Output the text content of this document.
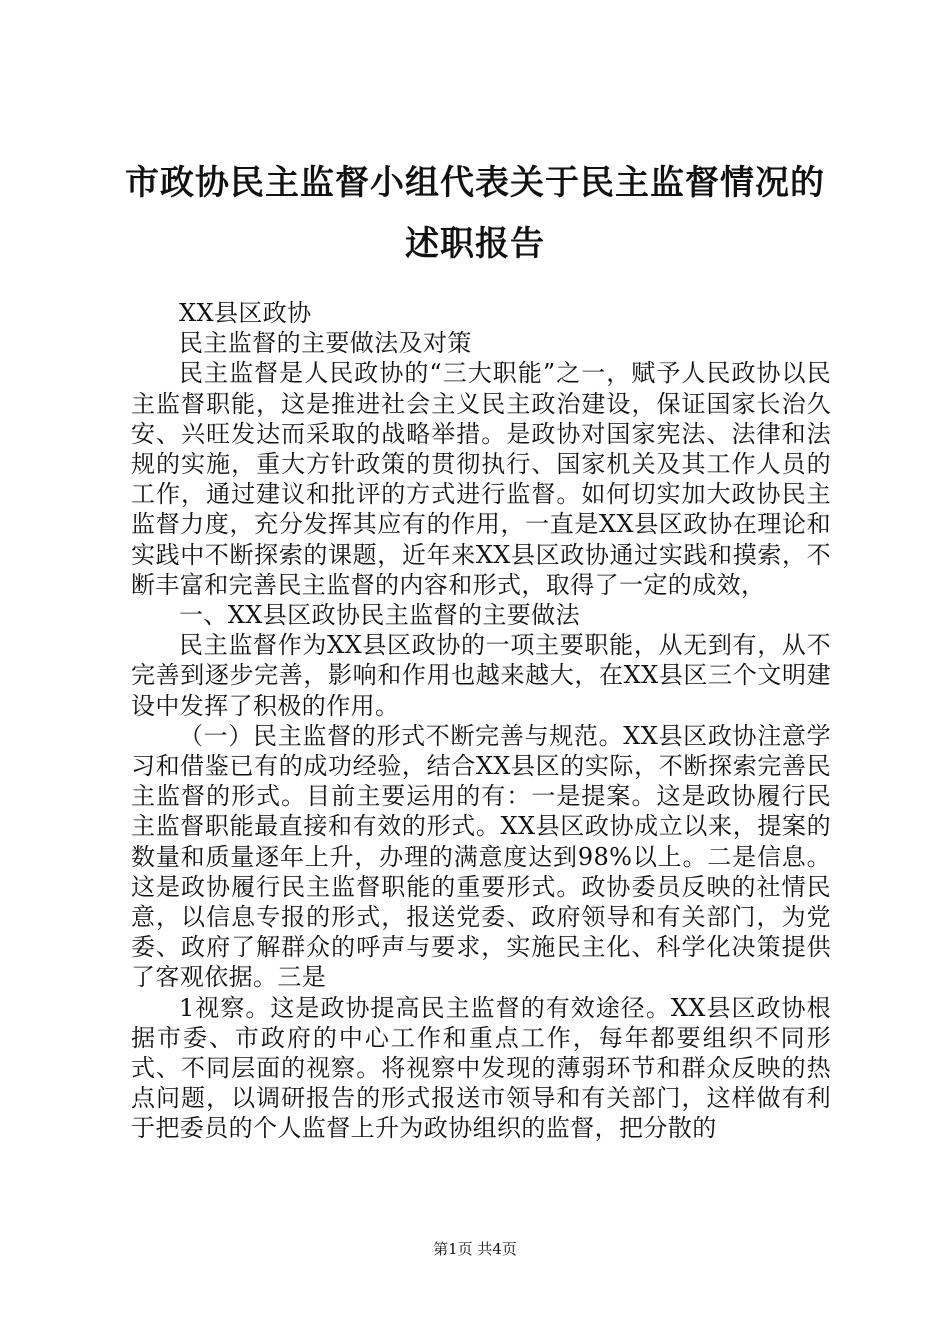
市政协民主监督小组代表关于民主监督情况的
述职报告

XX县区政协

民主监督的主要做法及对策

民主监督是人民政协的“三大职能”之一，赋予人民政协以民主监督职能，这是推进社会主义民主政治建设，保证国家长治久安、兴旺发达而采取的战略举措。是政协对国家宪法、法律和法规的实施，重大方针政策的贯彻执行、国家机关及其工作人员的工作，通过建议和批评的方式进行监督。如何切实加大政协民主监督力度，充分发挥其应有的作用，一直是XX县区政协在理论和实践中不断探索的课题，近年来XX县区政协通过实践和摸索，不断丰富和完善民主监督的内容和形式，取得了一定的成效，

一、XX县区政协民主监督的主要做法

民主监督作为XX县区政协的一项主要职能，从无到有，从不完善到逐步完善，影响和作用也越来越大，在XX县区三个文明建设中发挥了积极的作用。

（一）民主监督的形式不断完善与规范。XX县区政协注意学习和借鉴已有的成功经验，结合XX县区的实际，不断探索完善民主监督的形式。目前主要运用的有：一是提案。这是政协履行民主监督职能最直接和有效的形式。XX县区政协成立以来，提案的数量和质量逐年上升，办理的满意度达到98%以上。二是信息。这是政协履行民主监督职能的重要形式。政协委员反映的社情民意，以信息专报的形式，报送党委、政府领导和有关部门，为党委、政府了解群众的呼声与要求，实施民主化、科学化决策提供了客观依据。三是

1视察。这是政协提高民主监督的有效途径。XX县区政协根据市委、市政府的中心工作和重点工作，每年都要组织不同形式、不同层面的视察。将视察中发现的薄弱环节和群众反映的热点问题，以调研报告的形式报送市领导和有关部门，这样做有利于把委员的个人监督上升为政协组织的监督，把分散的

第1页 共4页
